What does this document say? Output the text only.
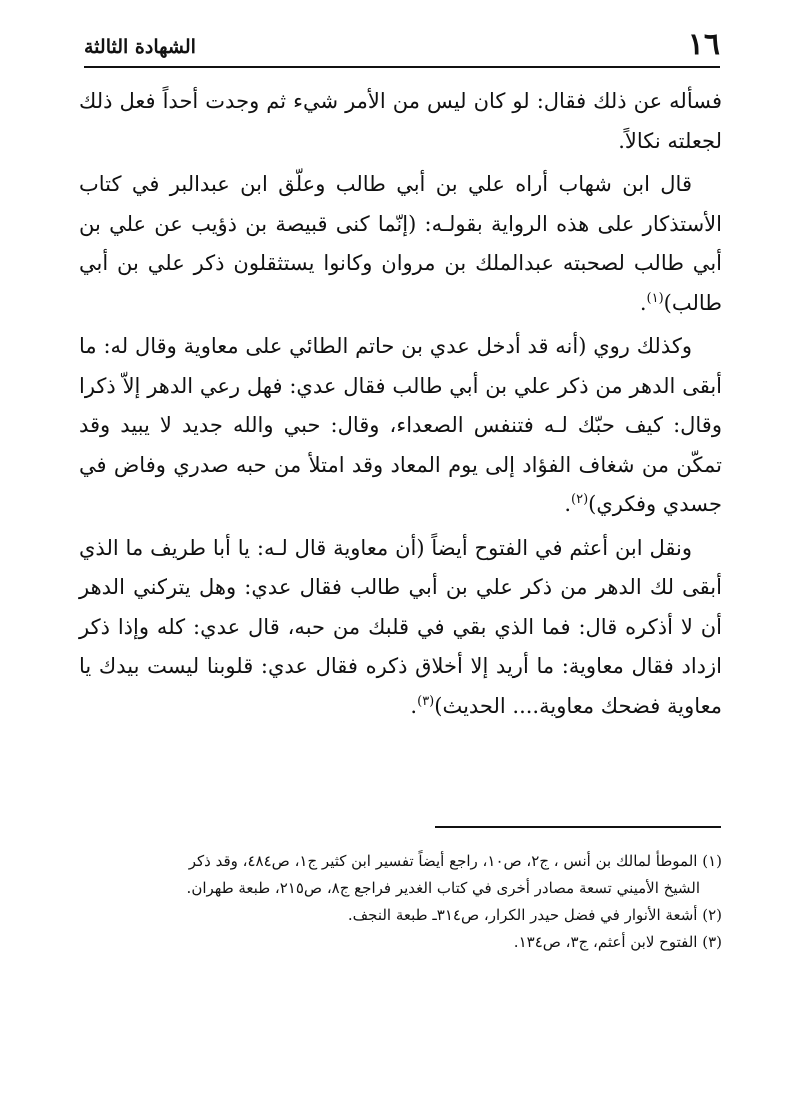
١٦
الشهادة الثالثة

فسأله عن ذلك فقال: لو كان ليس من الأمر شيء ثم وجدت أحداً فعل ذلك لجعلته نكالاً.

قال ابن شهاب أراه علي بن أبي طالب وعلّق ابن عبدالبر في كتاب الأستذكار على هذه الرواية بقولـه: (إنّما كنى قبيصة بن ذؤيب عن علي بن أبي طالب لصحبته عبدالملك بن مروان وكانوا يستثقلون ذكر علي بن أبي طالب)$^{(١)}$.

وكذلك روي (أنه قد أدخل عدي بن حاتم الطائي على معاوية وقال له: ما أبقى الدهر من ذكر علي بن أبي طالب فقال عدي: فهل رعي الدهر إلاّ ذكرا وقال: كيف حبّك لـه فتنفس الصعداء، وقال: حبي والله جديد لا يبيد وقد تمكّن من شغاف الفؤاد إلى يوم المعاد وقد امتلأ من حبه صدري وفاض في جسدي وفكري)$^{(٢)}$.

ونقل ابن أعثم في الفتوح أيضاً (أن معاوية قال لـه: يا أبا طريف ما الذي أبقى لك الدهر من ذكر علي بن أبي طالب فقال عدي: وهل يتركني الدهر أن لا أذكره قال: فما الذي بقي في قلبك من حبه، قال عدي: كله وإذا ذكر ازداد فقال معاوية: ما أريد إلا أخلاق ذكره فقال عدي: قلوبنا ليست بيدك يا معاوية فضحك معاوية.... الحديث)$^{(٣)}$.

(١) الموطأ لمالك بن أنس ، ج٢، ص١٠، راجع أيضاً تفسير ابن كثير ج١، ص٤٨٤، وقد ذكر

الشيخ الأميني تسعة مصادر أخرى في كتاب الغدير فراجع ج٨، ص٢١٥، طبعة طهران.

(٢) أشعة الأنوار في فضل حيدر الكرار، ص٣١٤ـ طبعة النجف.

(٣) الفتوح لابن أعثم، ج٣، ص١٣٤.
